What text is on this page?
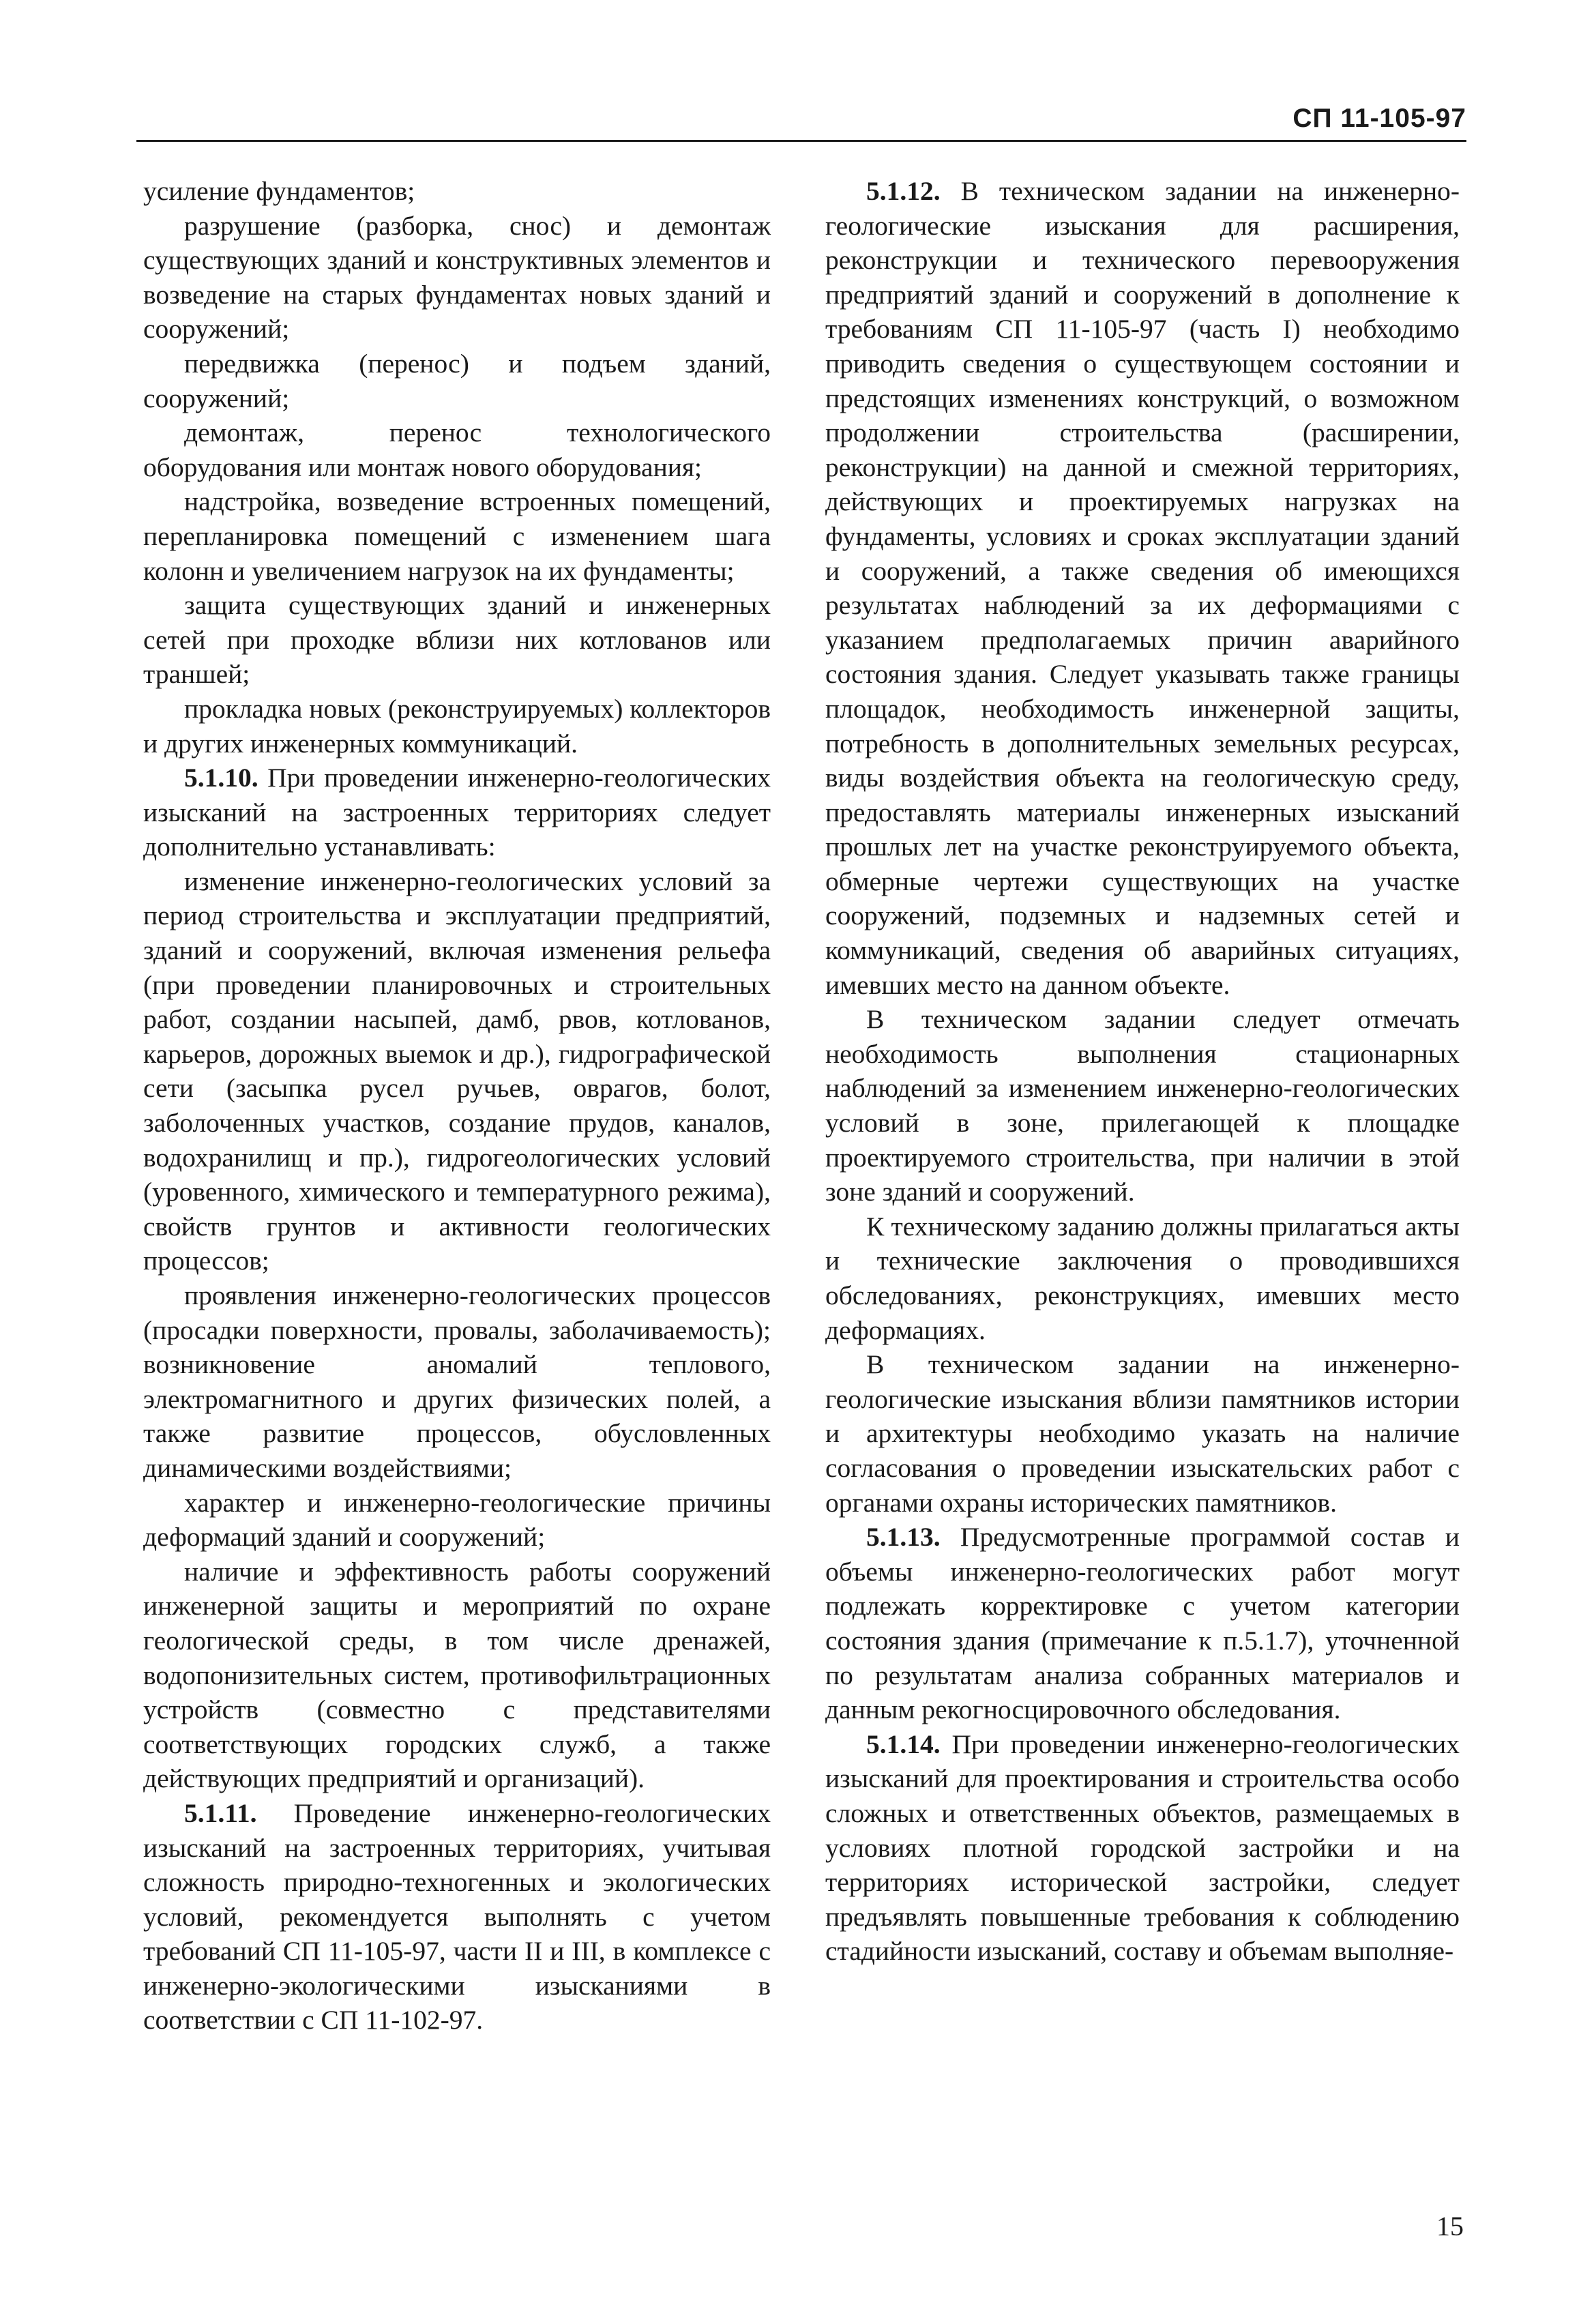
СП 11-105-97

усиление фундаментов;

разрушение (разборка, снос) и демонтаж существующих зданий и конструктивных элементов и возведение на старых фундаментах новых зданий и сооружений;

передвижка (перенос) и подъем зданий, сооружений;

демонтаж, перенос технологического оборудования или монтаж нового оборудования;

надстройка, возведение встроенных помещений, перепланировка помещений с изменением шага колонн и увеличением нагрузок на их фундаменты;

защита существующих зданий и инженерных сетей при проходке вблизи них котлованов или траншей;

прокладка новых (реконструируемых) коллекторов и других инженерных коммуникаций.

5.1.10. При проведении инженерно-геологических изысканий на застроенных территориях следует дополнительно устанавливать:

изменение инженерно-геологических условий за период строительства и эксплуатации предприятий, зданий и сооружений, включая изменения рельефа (при проведении планировочных и строительных работ, создании насыпей, дамб, рвов, котлованов, карьеров, дорожных выемок и др.), гидрографической сети (засыпка русел ручьев, оврагов, болот, заболоченных участков, создание прудов, каналов, водохранилищ и пр.), гидрогеологических условий (уровенного, химического и температурного режима), свойств грунтов и активности геологических процессов;

проявления инженерно-геологических процессов (просадки поверхности, провалы, заболачиваемость); возникновение аномалий теплового, электромагнитного и других физических полей, а также развитие процессов, обусловленных динамическими воздействиями;

характер и инженерно-геологические причины деформаций зданий и сооружений;

наличие и эффективность работы сооружений инженерной защиты и мероприятий по охране геологической среды, в том числе дренажей, водопонизительных систем, противофильтрационных устройств (совместно с представителями соответствующих городских служб, а также действующих предприятий и организаций).

5.1.11. Проведение инженерно-геологических изысканий на застроенных территориях, учитывая сложность природно-техногенных и экологических условий, рекомендуется выполнять с учетом требований СП 11-105-97, части II и III, в комплексе с инженерно-экологическими изысканиями в соответствии с СП 11-102-97.

5.1.12. В техническом задании на инженерно-геологические изыскания для расширения, реконструкции и технического перевооружения предприятий зданий и сооружений в дополнение к требованиям СП 11-105-97 (часть I) необходимо приводить сведения о существующем состоянии и предстоящих изменениях конструкций, о возможном продолжении строительства (расширении, реконструкции) на данной и смежной территориях, действующих и проектируемых нагрузках на фундаменты, условиях и сроках эксплуатации зданий и сооружений, а также сведения об имеющихся результатах наблюдений за их деформациями с указанием предполагаемых причин аварийного состояния здания. Следует указывать также границы площадок, необходимость инженерной защиты, потребность в дополнительных земельных ресурсах, виды воздействия объекта на геологическую среду, предоставлять материалы инженерных изысканий прошлых лет на участке реконструируемого объекта, обмерные чертежи существующих на участке сооружений, подземных и надземных сетей и коммуникаций, сведения об аварийных ситуациях, имевших место на данном объекте.

В техническом задании следует отмечать необходимость выполнения стационарных наблюдений за изменением инженерно-геологических условий в зоне, прилегающей к площадке проектируемого строительства, при наличии в этой зоне зданий и сооружений.

К техническому заданию должны прилагаться акты и технические заключения о проводившихся обследованиях, реконструкциях, имевших место деформациях.

В техническом задании на инженерно-геологические изыскания вблизи памятников истории и архитектуры необходимо указать на наличие согласования о проведении изыскательских работ с органами охраны исторических памятников.

5.1.13. Предусмотренные программой состав и объемы инженерно-геологических работ могут подлежать корректировке с учетом категории состояния здания (примечание к п.5.1.7), уточненной по результатам анализа собранных материалов и данным рекогносцировочного обследования.

5.1.14. При проведении инженерно-геологических изысканий для проектирования и строительства особо сложных и ответственных объектов, размещаемых в условиях плотной городской застройки и на территориях исторической застройки, следует предъявлять повышенные требования к соблюдению стадийности изысканий, составу и объемам выполняе-

15
